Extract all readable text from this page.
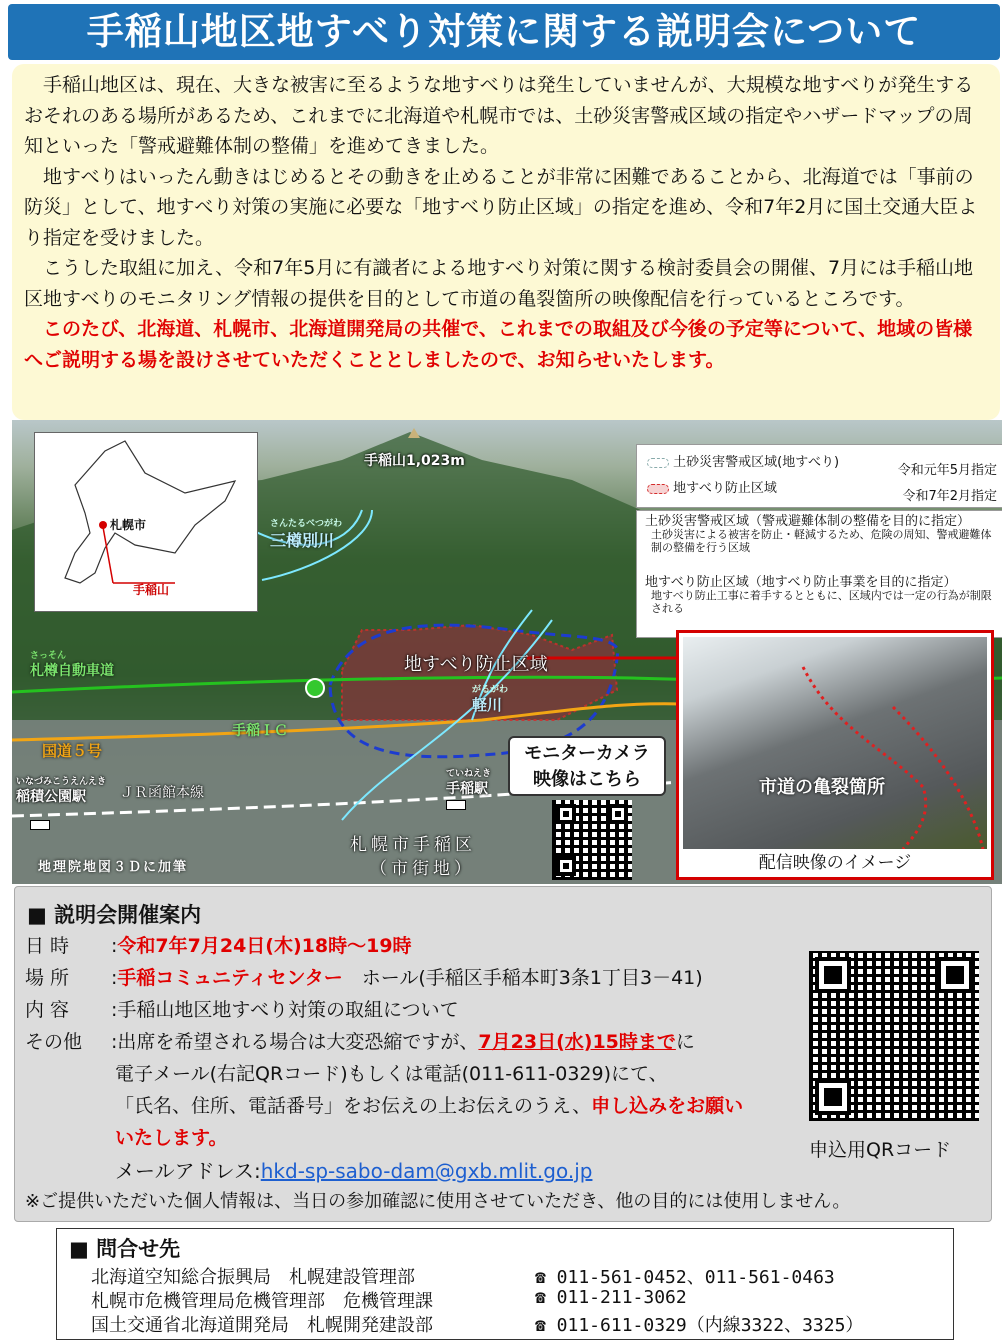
手稲山地区地すべり対策に関する説明会について

手稲山地区は、現在、大きな被害に至るような地すべりは発生していませんが、大規模な地すべりが発生するおそれのある場所があるため、これまでに北海道や札幌市では、土砂災害警戒区域の指定やハザードマップの周知といった「警戒避難体制の整備」を進めてきました。

地すべりはいったん動きはじめるとその動きを止めることが非常に困難であることから、北海道では「事前の防災」として、地すべり対策の実施に必要な「地すべり防止区域」の指定を進め、令和7年2月に国土交通大臣より指定を受けました。

こうした取組に加え、令和7年5月に有識者による地すべり対策に関する検討委員会の開催、7月には手稲山地区地すべりのモニタリング情報の提供を目的として市道の亀裂箇所の映像配信を行っているところです。

このたび、北海道、札幌市、北海道開発局の共催で、これまでの取組及び今後の予定等について、地域の皆様へご説明する場を設けさせていただくこととしましたので、お知らせいたします。

手稲山1,023m
札幌市
手稲山
土砂災害警戒区域(地すべり)
令和元年5月指定
地すべり防止区域
令和7年2月指定
土砂災害警戒区域（警戒避難体制の整備を目的に指定）
土砂災害による被害を防止・軽減するため、危険の周知、警戒避難体制の整備を行う区域
地すべり防止区域（地すべり防止事業を目的に指定）
地すべり防止工事に着手するとともに、区域内では一定の行為が制限される
さんたるべつがわ
三樽別川
さっそん
札樽自動車道	地すべり防止区域
がるがわ
軽川
手稲ＩＣ
国道５号
いなづみこうえんえき
稲積公園駅 ＪＲ函館本線
ていねえき
手稲駅
札幌市手稲区
（市街地）
モニターカメラ
映像はこちら	市道の亀裂箇所
配信映像のイメージ
地理院地図３Ｄに加筆
■ 説明会開催案内
日 時 :令和7年7月24日(木)18時～19時
場 所 :手稲コミュニティセンター　 ホール(手稲区手稲本町3条1丁目3－41)
内 容 :手稲山地区地すべり対策の取組について
その他 :出席を希望される場合は大変恐縮ですが、7月23日(水)15時までに
電子メール(右記QRコード)もしくは電話(011-611-0329)にて、
「氏名、住所、電話番号」をお伝えの上お伝えのうえ、申し込みをお願い
いたします。
メールアドレス:hkd-sp-sabo-dam@gxb.mlit.go.jp
※ご提供いただいた個人情報は、当日の参加確認に使用させていただき、他の目的には使用しません。
申込用QRコード
■ 問合せ先
北海道空知総合振興局　札幌建設管理部	☎ 011-561-0452、011-561-0463
札幌市危機管理局危機管理部　危機管理課	☎ 011-211-3062
国土交通省北海道開発局　札幌開発建設部	☎ 011-611-0329（内線3322、3325）
